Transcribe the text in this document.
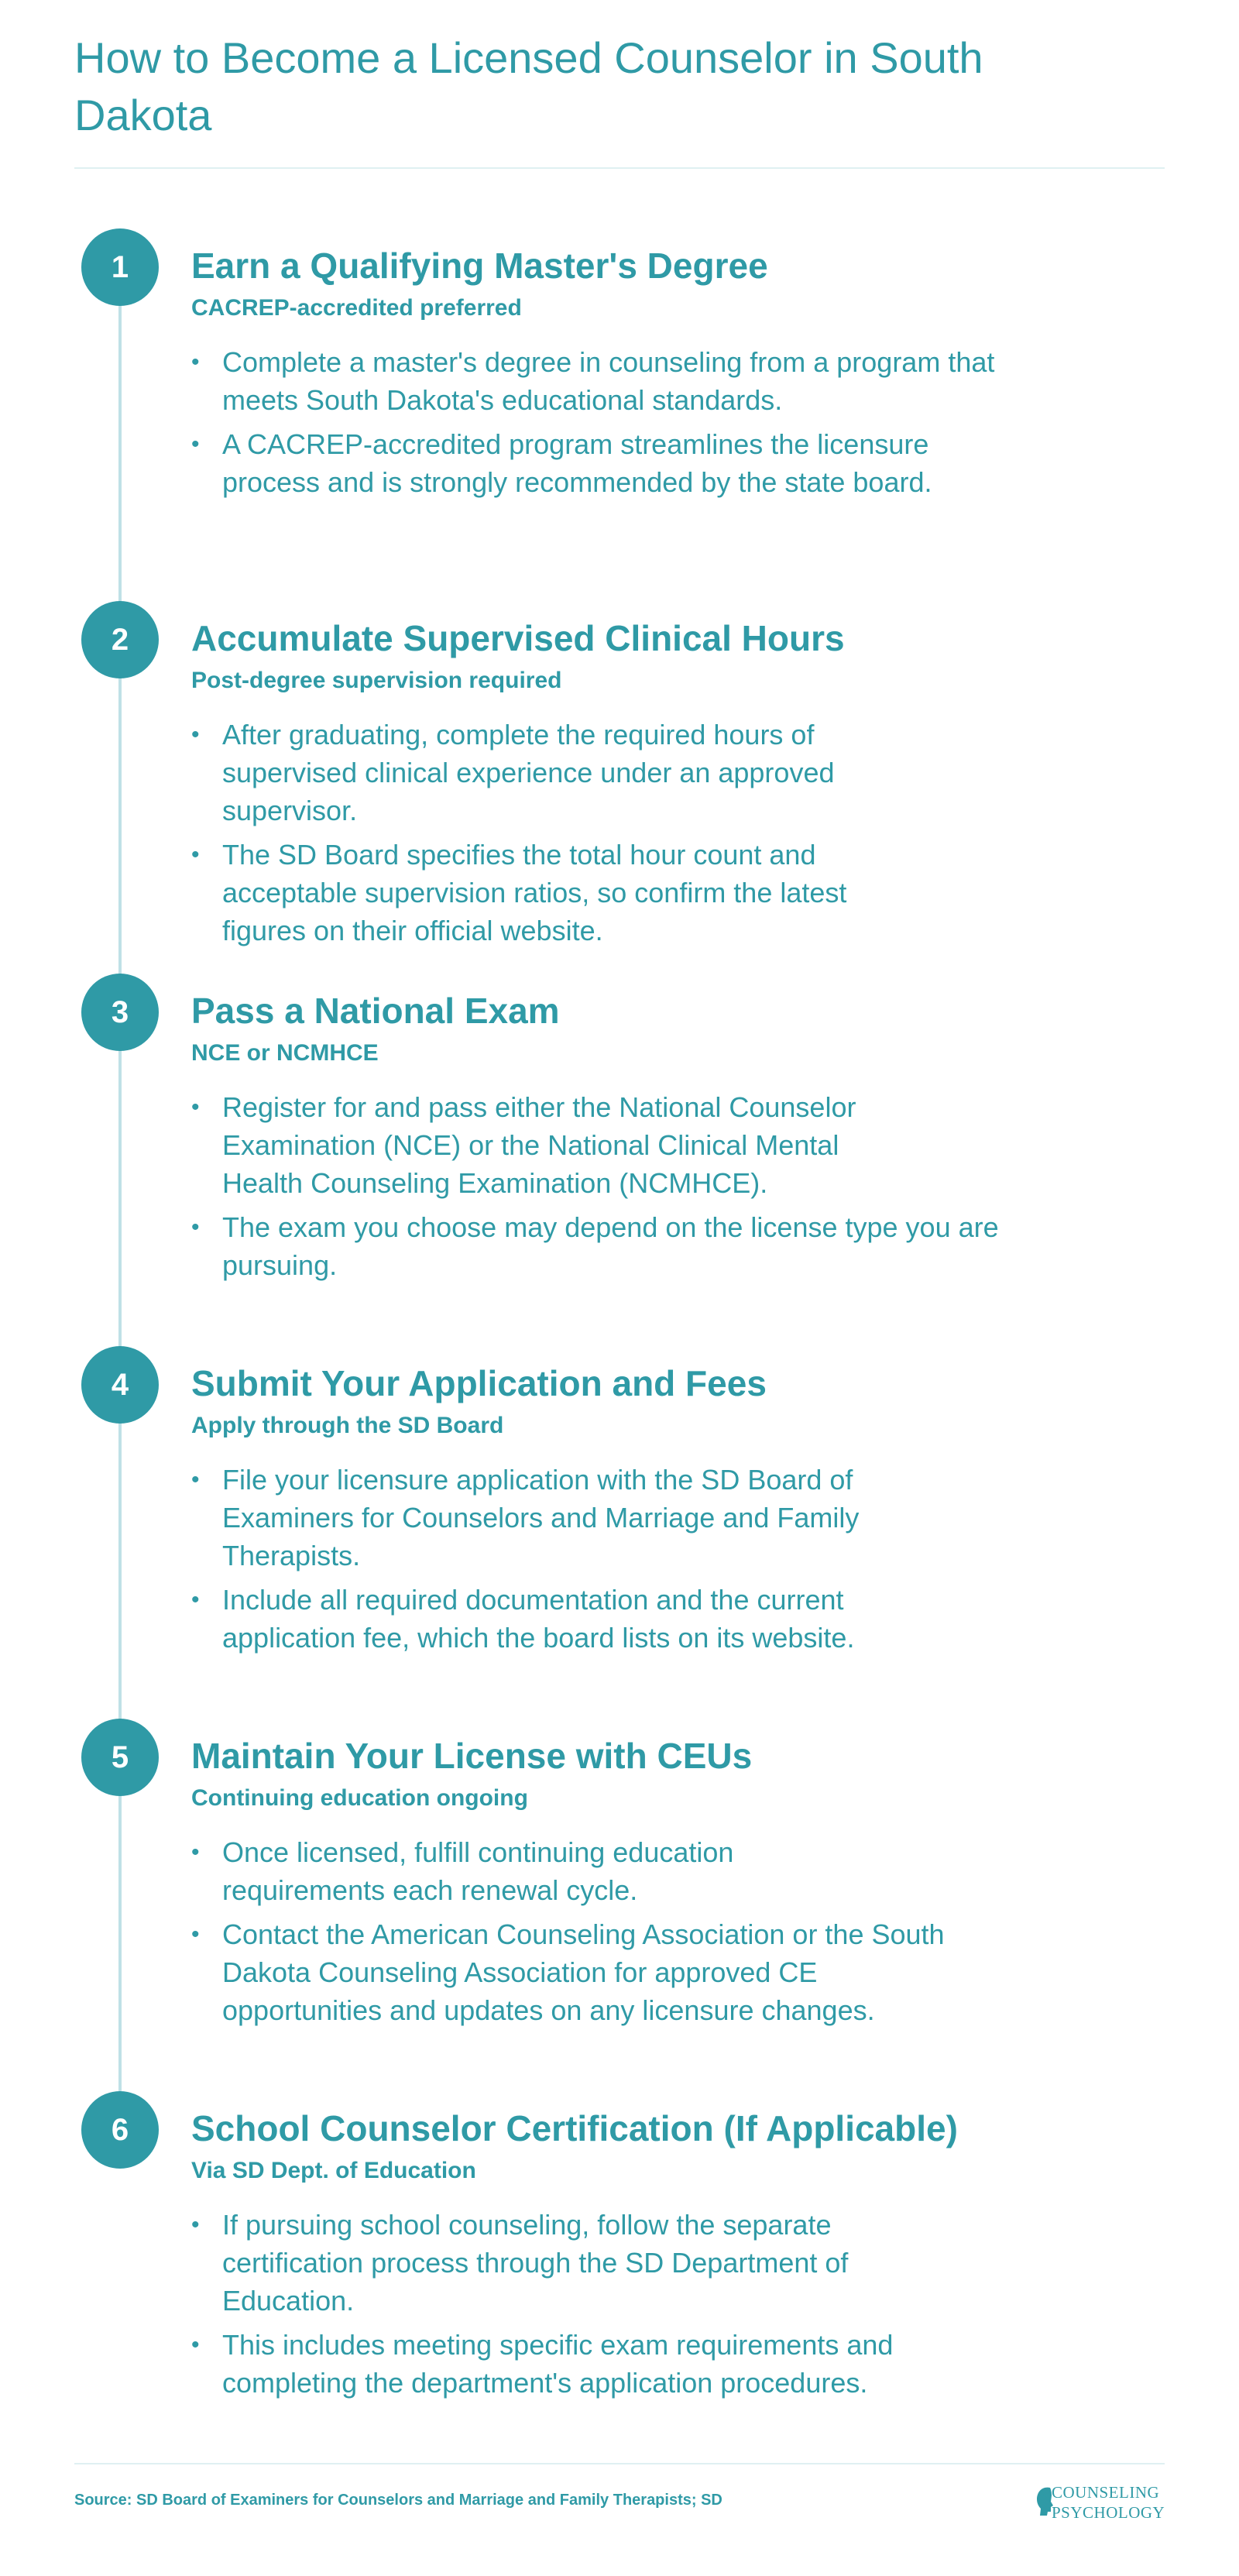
How to Become a Licensed Counselor in South Dakota
1	Earn a Qualifying Master's Degree
CACREP-accredited preferred
• Complete a master's degree in counseling from a program that meets South Dakota's educational standards.
• A CACREP-accredited program streamlines the licensure process and is strongly recommended by the state board.
2	Accumulate Supervised Clinical Hours
Post-degree supervision required
• After graduating, complete the required hours of supervised clinical experience under an approved supervisor.
• The SD Board specifies the total hour count and acceptable supervision ratios, so confirm the latest figures on their official website.
3	Pass a National Exam
NCE or NCMHCE
• Register for and pass either the National Counselor Examination (NCE) or the National Clinical Mental Health Counseling Examination (NCMHCE).
• The exam you choose may depend on the license type you are pursuing.
4	Submit Your Application and Fees
Apply through the SD Board
• File your licensure application with the SD Board of Examiners for Counselors and Marriage and Family Therapists.
• Include all required documentation and the current application fee, which the board lists on its website.
5	Maintain Your License with CEUs
Continuing education ongoing
• Once licensed, fulfill continuing education requirements each renewal cycle.
• Contact the American Counseling Association or the South Dakota Counseling Association for approved CE opportunities and updates on any licensure changes.
6	School Counselor Certification (If Applicable)
Via SD Dept. of Education
• If pursuing school counseling, follow the separate certification process through the SD Department of Education.
• This includes meeting specific exam requirements and completing the department's application procedures.
Source: SD Board of Examiners for Counselors and Marriage and Family Therapists; SD	COUNSELING
PSYCHOLOGY
